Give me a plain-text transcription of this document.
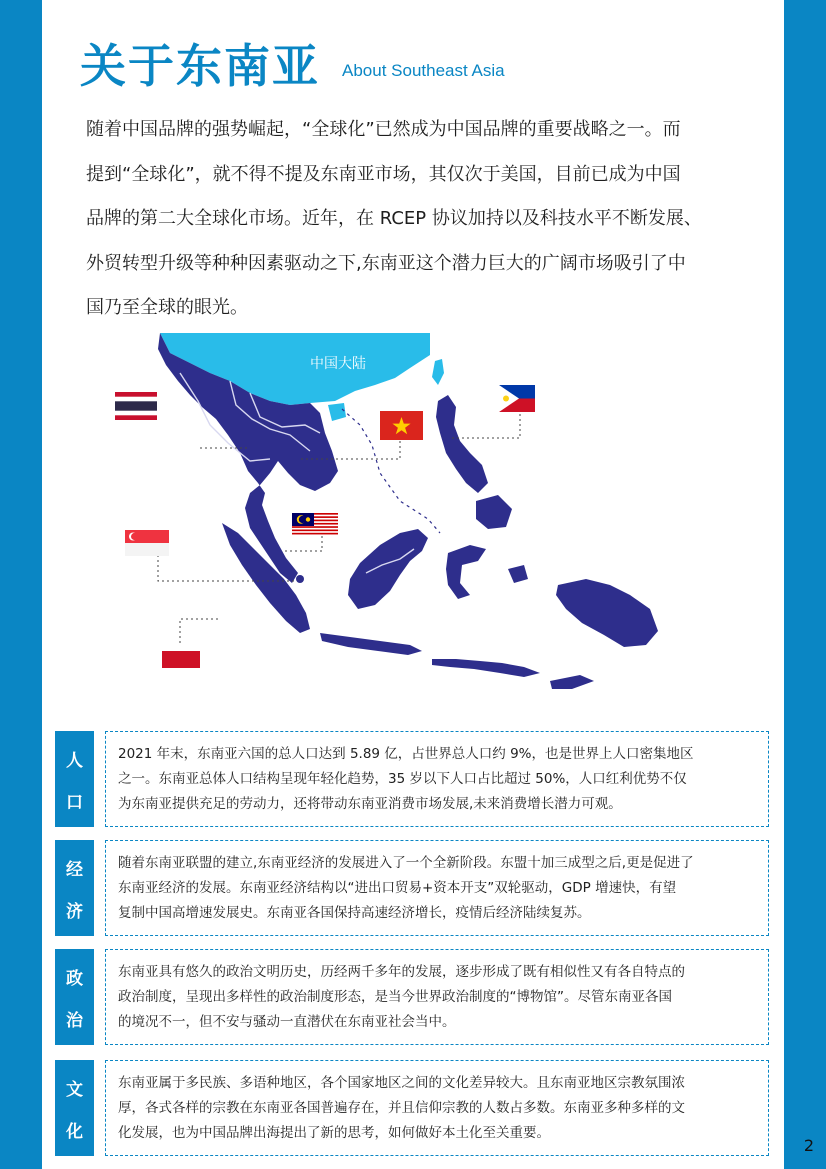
关于东南亚 About Southeast Asia

随着中国品牌的强势崛起，“全球化”已然成为中国品牌的重要战略之一。而

提到“全球化”，就不得不提及东南亚市场，其仅次于美国，目前已成为中国

品牌的第二大全球化市场。近年，在 RCEP 协议加持以及科技水平不断发展、

外贸转型升级等种种因素驱动之下,东南亚这个潜力巨大的广阔市场吸引了中

国乃至全球的眼光。

中国大陆
人
口
2021 年末，东南亚六国的总人口达到 5.89 亿，占世界总人口约 9%，也是世界上人口密集地区
之一。东南亚总体人口结构呈现年轻化趋势，35 岁以下人口占比超过 50%，人口红利优势不仅
为东南亚提供充足的劳动力，还将带动东南亚消费市场发展,未来消费增长潜力可观。
经
济
随着东南亚联盟的建立,东南亚经济的发展进入了一个全新阶段。东盟十加三成型之后,更是促进了
东南亚经济的发展。东南亚经济结构以“进出口贸易+资本开支”双轮驱动，GDP 增速快，有望
复制中国高增速发展史。东南亚各国保持高速经济增长，疫情后经济陆续复苏。
政
治
东南亚具有悠久的政治文明历史，历经两千多年的发展，逐步形成了既有相似性又有各自特点的
政治制度，呈现出多样性的政治制度形态，是当今世界政治制度的“博物馆”。尽管东南亚各国
的境况不一，但不安与骚动一直潜伏在东南亚社会当中。
文
化
东南亚属于多民族、多语种地区，各个国家地区之间的文化差异较大。且东南亚地区宗教氛围浓
厚，各式各样的宗教在东南亚各国普遍存在，并且信仰宗教的人数占多数。东南亚多种多样的文
化发展，也为中国品牌出海提出了新的思考，如何做好本土化至关重要。
2
